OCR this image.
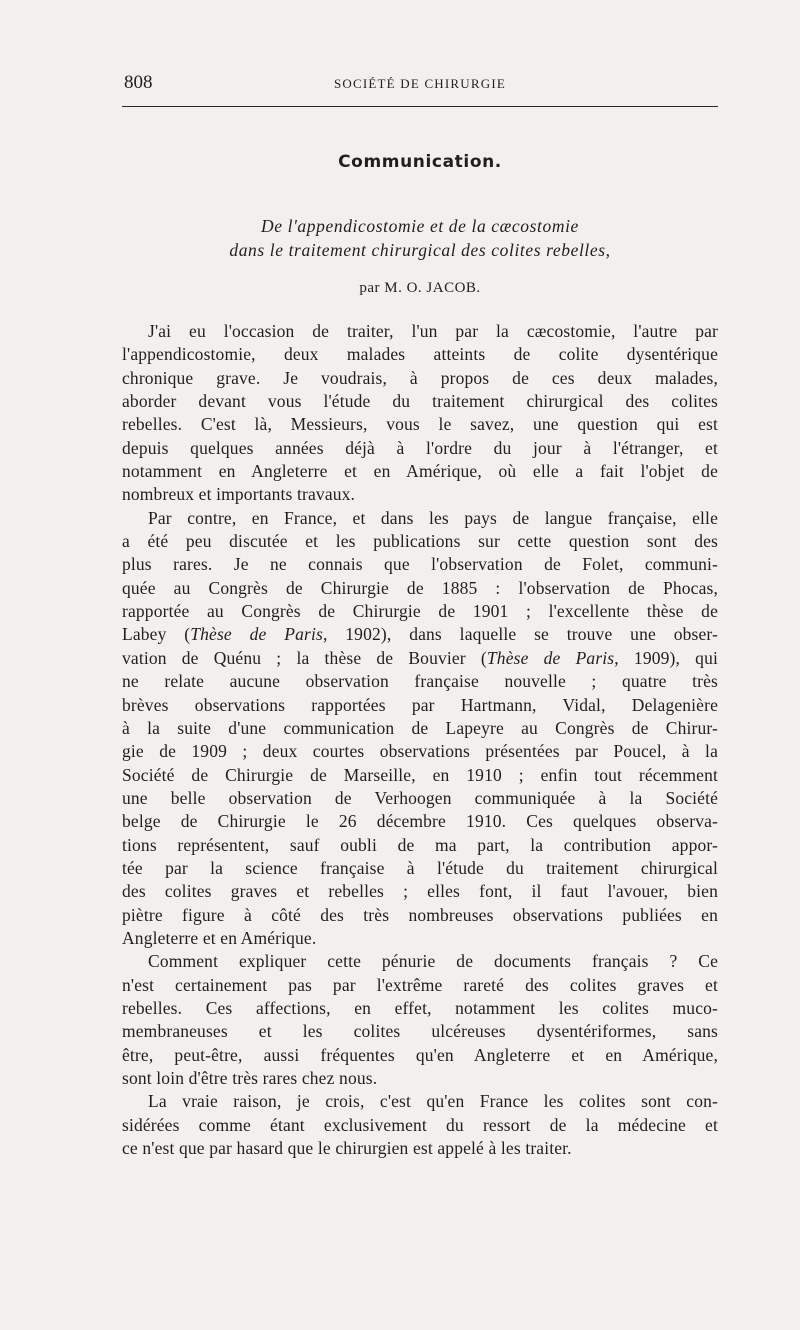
808	SOCIÉTÉ DE CHIRURGIE
Communication.
De l'appendicostomie et de la cæcostomie
dans le traitement chirurgical des colites rebelles,
par M. O. JACOB.
J'ai eu l'occasion de traiter, l'un par la cæcostomie, l'autre par
l'appendicostomie, deux malades atteints de colite dysentérique
chronique grave. Je voudrais, à propos de ces deux malades,
aborder devant vous l'étude du traitement chirurgical des colites
rebelles. C'est là, Messieurs, vous le savez, une question qui est
depuis quelques années déjà à l'ordre du jour à l'étranger, et
notamment en Angleterre et en Amérique, où elle a fait l'objet de
nombreux et importants travaux.
Par contre, en France, et dans les pays de langue française, elle
a été peu discutée et les publications sur cette question sont des
plus rares. Je ne connais que l'observation de Folet, communi-
quée au Congrès de Chirurgie de 1885 : l'observation de Phocas,
rapportée au Congrès de Chirurgie de 1901 ; l'excellente thèse de
Labey (Thèse de Paris, 1902), dans laquelle se trouve une obser-
vation de Quénu ; la thèse de Bouvier (Thèse de Paris, 1909), qui
ne relate aucune observation française nouvelle ; quatre très
brèves observations rapportées par Hartmann, Vidal, Delagenière
à la suite d'une communication de Lapeyre au Congrès de Chirur-
gie de 1909 ; deux courtes observations présentées par Poucel, à la
Société de Chirurgie de Marseille, en 1910 ; enfin tout récemment
une belle observation de Verhoogen communiquée à la Société
belge de Chirurgie le 26 décembre 1910. Ces quelques observa-
tions représentent, sauf oubli de ma part, la contribution appor-
tée par la science française à l'étude du traitement chirurgical
des colites graves et rebelles ; elles font, il faut l'avouer, bien
piètre figure à côté des très nombreuses observations publiées en
Angleterre et en Amérique.
Comment expliquer cette pénurie de documents français ? Ce
n'est certainement pas par l'extrême rareté des colites graves et
rebelles. Ces affections, en effet, notamment les colites muco-
membraneuses et les colites ulcéreuses dysentériformes, sans
être, peut-être, aussi fréquentes qu'en Angleterre et en Amérique,
sont loin d'être très rares chez nous.
La vraie raison, je crois, c'est qu'en France les colites sont con-
sidérées comme étant exclusivement du ressort de la médecine et
ce n'est que par hasard que le chirurgien est appelé à les traiter.
